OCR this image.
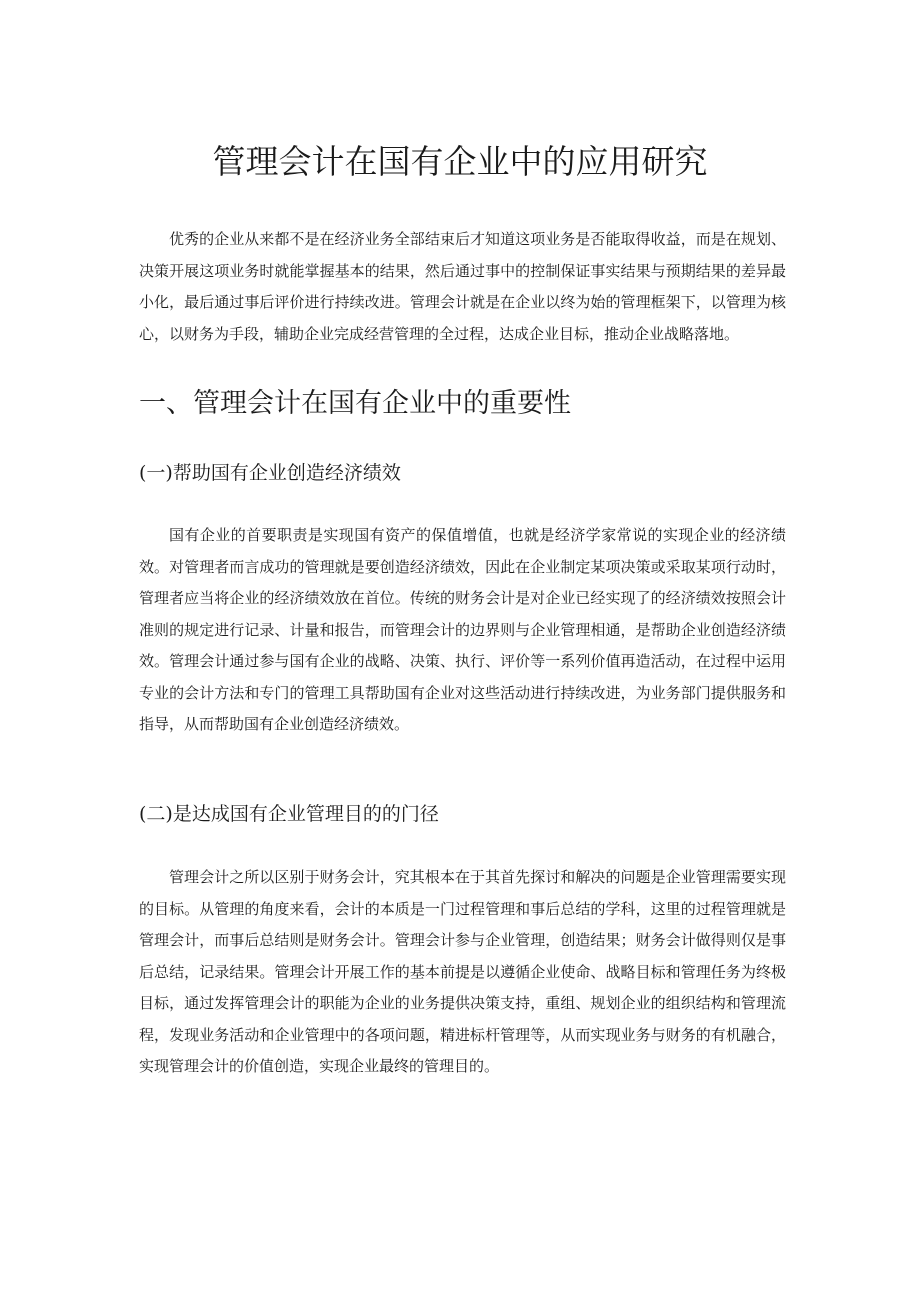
管理会计在国有企业中的应用研究

优秀的企业从来都不是在经济业务全部结束后才知道这项业务是否能取得收益，而是在规划、决策开展这项业务时就能掌握基本的结果，然后通过事中的控制保证事实结果与预期结果的差异最小化，最后通过事后评价进行持续改进。管理会计就是在企业以终为始的管理框架下，以管理为核心，以财务为手段，辅助企业完成经营管理的全过程，达成企业目标，推动企业战略落地。

一、管理会计在国有企业中的重要性
(一)帮助国有企业创造经济绩效

国有企业的首要职责是实现国有资产的保值增值，也就是经济学家常说的实现企业的经济绩效。对管理者而言成功的管理就是要创造经济绩效，因此在企业制定某项决策或采取某项行动时，管理者应当将企业的经济绩效放在首位。传统的财务会计是对企业已经实现了的经济绩效按照会计准则的规定进行记录、计量和报告，而管理会计的边界则与企业管理相通，是帮助企业创造经济绩效。管理会计通过参与国有企业的战略、决策、执行、评价等一系列价值再造活动，在过程中运用专业的会计方法和专门的管理工具帮助国有企业对这些活动进行持续改进，为业务部门提供服务和指导，从而帮助国有企业创造经济绩效。

(二)是达成国有企业管理目的的门径

管理会计之所以区别于财务会计，究其根本在于其首先探讨和解决的问题是企业管理需要实现的目标。从管理的角度来看，会计的本质是一门过程管理和事后总结的学科，这里的过程管理就是管理会计，而事后总结则是财务会计。管理会计参与企业管理，创造结果；财务会计做得则仅是事后总结，记录结果。管理会计开展工作的基本前提是以遵循企业使命、战略目标和管理任务为终极目标，通过发挥管理会计的职能为企业的业务提供决策支持，重组、规划企业的组织结构和管理流程，发现业务活动和企业管理中的各项问题，精进标杆管理等，从而实现业务与财务的有机融合，实现管理会计的价值创造，实现企业最终的管理目的。
